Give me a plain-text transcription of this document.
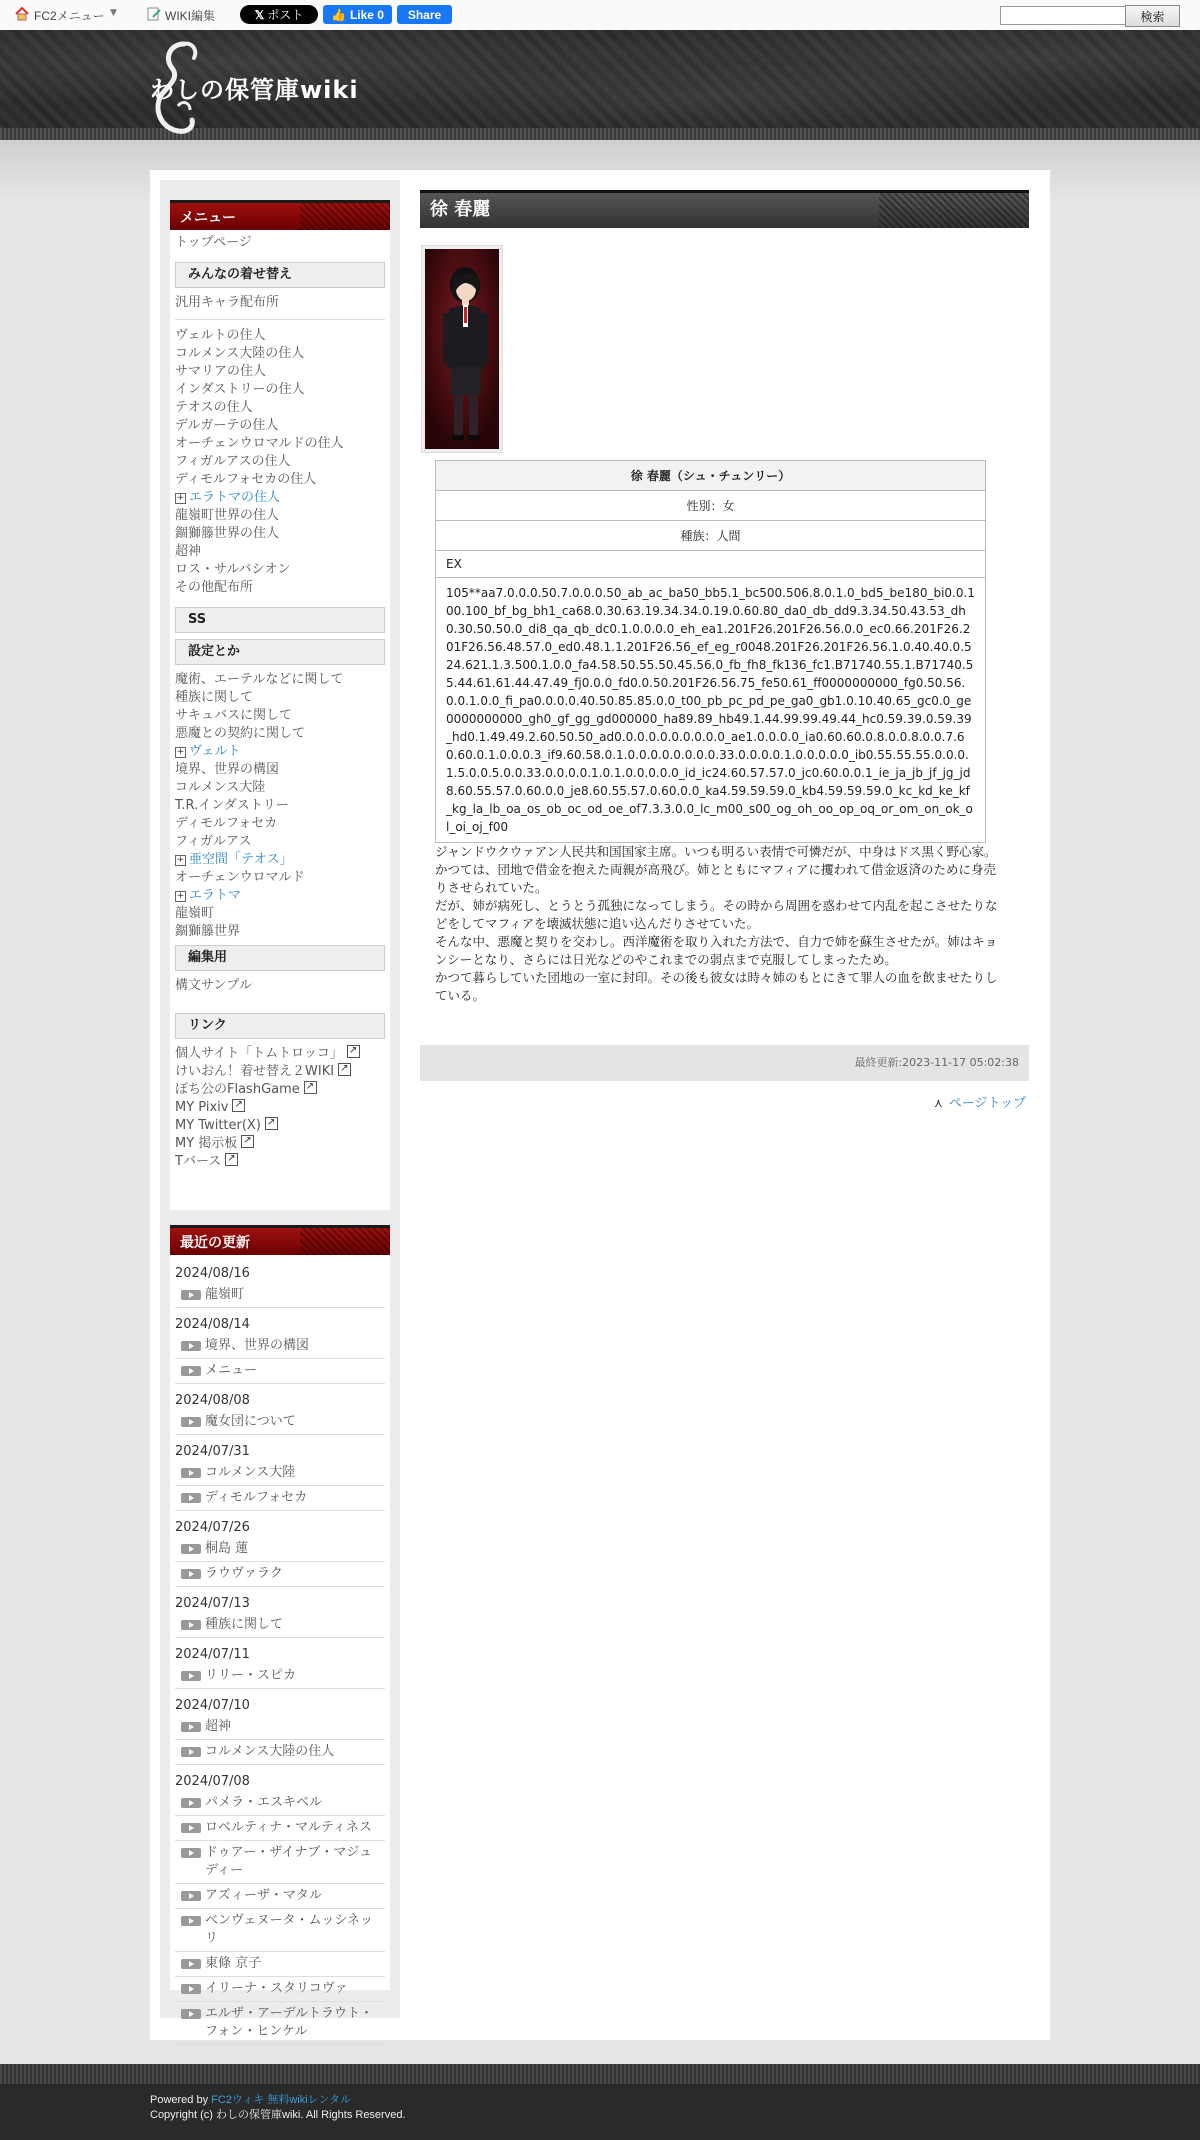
FC2メニュー ▼	WIKI編集	𝕏 ポスト 👍 Like 0	Share	検索
わしの保管庫wiki
メニュー
トップページ
みんなの着せ替え
汎用キャラ配布所
ヴェルトの住人
コルメンス大陸の住人
サマリアの住人
インダストリーの住人
テオスの住人
デルガーテの住人
オーチェンウロマルドの住人
フィガルアスの住人
ディモルフォセカの住人
+ エラトマの住人
龍嶺町世界の住人
錮獅籐世界の住人
超神
ロス・サルバシオン
その他配布所
SS
設定とか
魔術、エーテルなどに関して
種族に関して
サキュバスに関して
悪魔との契約に関して
+ ヴェルト
境界、世界の構図
コルメンス大陸
T.R.インダストリー
ディモルフォセカ
フィガルアス
+ 亜空間「テオス」
オーチェンウロマルド
+ エラトマ
龍嶺町
錮獅籐世界
編集用
構文サンプル
リンク
個人サイト「トムトロッコ」↗
けいおん！着せ替え２WIKI↗
ぽち公のFlashGame↗
MY Pixiv↗
MY Twitter(X)↗
MY 掲示板↗
Tバース↗
最近の更新
2024/08/16
龍嶺町
2024/08/14
境界、世界の構図
メニュー
2024/08/08
魔女団について
2024/07/31
コルメンス大陸
ディモルフォセカ
2024/07/26
桐島 蓮
ラウヴァラク
2024/07/13
種族に関して
2024/07/11
リリー・スピカ
2024/07/10
超神
コルメンス大陸の住人
2024/07/08
パメラ・エスキベル
ロベルティナ・マルティネス
ドゥアー・ザイナブ・マジュディー
アズィーザ・マタル
ベンヴェヌータ・ムッシネッリ
東條 京子
イリーナ・スタリコヴァ
エルザ・アーデルトラウト・フォン・ヒンケル
徐 春麗
徐 春麗（シュ・チュンリー）
性別：女
種族：人間
EX
105**aa7.0.0.0.50.7.0.0.0.50_ab_ac_ba50_bb5.1_bc500.506.8.0.1.0_bd5_be180_bi0.0.100.100_bf_bg_bh1_ca68.0.30.63.19.34.34.0.19.0.60.80_da0_db_dd9.3.34.50.43.53_dh0.30.50.50.0_di8_qa_qb_dc0.1.0.0.0.0_eh_ea1.201F26.201F26.56.0.0_ec0.66.201F26.201F26.56.48.57.0_ed0.48.1.1.201F26.56_ef_eg_r0048.201F26.201F26.56.1.0.40.40.0.524.621.1.3.500.1.0.0_fa4.58.50.55.50.45.56.0_fb_fh8_fk136_fc1.B71740.55.1.B71740.55.44.61.61.44.47.49_fj0.0.0_fd0.0.50.201F26.56.75_fe50.61_ff0000000000_fg0.50.56.0.0.1.0.0_fi_pa0.0.0.0.40.50.85.85.0.0_t00_pb_pc_pd_pe_ga0_gb1.0.10.40.65_gc0.0_ge0000000000_gh0_gf_gg_gd000000_ha89.89_hb49.1.44.99.99.49.44_hc0.59.39.0.59.39_hd0.1.49.49.2.60.50.50_ad0.0.0.0.0.0.0.0.0.0_ae1.0.0.0.0_ia0.60.60.0.8.0.0.8.0.0.7.60.60.0.1.0.0.0.3_if9.60.58.0.1.0.0.0.0.0.0.0.0.33.0.0.0.0.1.0.0.0.0.0_ib0.55.55.55.0.0.0.1.5.0.0.5.0.0.33.0.0.0.0.1.0.1.0.0.0.0.0_id_ic24.60.57.57.0_jc0.60.0.0.1_ie_ja_jb_jf_jg_jd8.60.55.57.0.60.0.0_je8.60.55.57.0.60.0.0_ka4.59.59.59.0_kb4.59.59.59.0_kc_kd_ke_kf_kg_la_lb_oa_os_ob_oc_od_oe_of7.3.3.0.0_lc_m00_s00_og_oh_oo_op_oq_or_om_on_ok_ol_oi_oj_f00

ジャンドウクウァアン人民共和国国家主席。いつも明るい表情で可憐だが、中身はドス黒く野心家。

かつては、団地で借金を抱えた両親が高飛び。姉とともにマフィアに攫われて借金返済のために身売りさせられていた。

だが、姉が病死し、とうとう孤独になってしまう。その時から周囲を惑わせて内乱を起こさせたりなどをしてマフィアを壊滅状態に追い込んだりさせていた。

そんな中、悪魔と契りを交わし。西洋魔術を取り入れた方法で、自力で姉を蘇生させたが。姉はキョンシーとなり、さらには日光などのやこれまでの弱点まで克服してしまったため。

かつて暮らしていた団地の一室に封印。その後も彼女は時々姉のもとにきて罪人の血を飲ませたりしている。

最終更新:2023-11-17 05:02:38
⋏ ページトップ
Powered by FC2ウィキ 無料wikiレンタル
Copyright (c) わしの保管庫wiki. All Rights Reserved.
